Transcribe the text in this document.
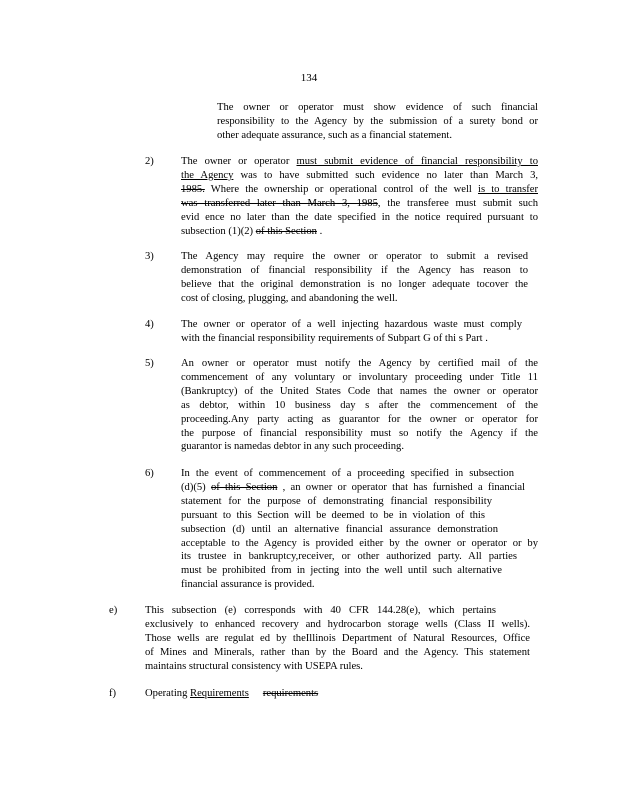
134
The owner or operator must show evidence of such financial
responsibility to the Agency by the submission of a surety bond or
other adequate assurance, such as a financial statement.
2)	The owner or operator must submit evidence of financial responsibility to
the Agency was to have submitted such evidence no later than March 3,
1985. Where the ownership or operational control of the well is to transfer
was transferred later than March 3, 1985, the transferee must submit such
evid ence no later than the date specified in the notice required pursuant to
subsection (1)(2) of this Section .
3)	The Agency may require the owner or operator to submit a revised
demonstration of financial responsibility if the Agency has reason to
believe that the original demonstration is no longer adequate tocover the
cost of closing, plugging, and abandoning the well.
4)	The owner or operator of a well injecting hazardous waste must comply
with the financial responsibility requirements of Subpart G of thi s Part .
5)	An owner or operator must notify the Agency by certified mail of the
commencement of any voluntary or involuntary proceeding under Title 11
(Bankruptcy) of the United States Code that names the owner or operator
as debtor, within 10 business day s after the commencement of the
proceeding.Any party acting as guarantor for the owner or operator for
the purpose of financial responsibility must so notify the Agency if the
guarantor is namedas debtor in any such proceeding.
6)	In the event of commencement of a proceeding specified in subsection
(d)(5) of this Section , an owner or operator that has furnished a financial
statement for the purpose of demonstrating financial responsibility
pursuant to this Section will be deemed to be in violation of this
subsection (d) until an alternative financial assurance demonstration
acceptable to the Agency is provided either by the owner or operator or by
its trustee in bankruptcy,receiver, or other authorized party. All parties
must be prohibited from in jecting into the well until such alternative
financial assurance is provided.
e)	This subsection (e) corresponds with 40 CFR 144.28(e), which pertains
exclusively to enhanced recovery and hydrocarbon storage wells (Class II wells).
Those wells are regulat ed by theIllinois Department of Natural Resources, Office
of Mines and Minerals, rather than by the Board and the Agency. This statement
maintains structural consistency with USEPA rules.
f)	Operating Requirements requirements
